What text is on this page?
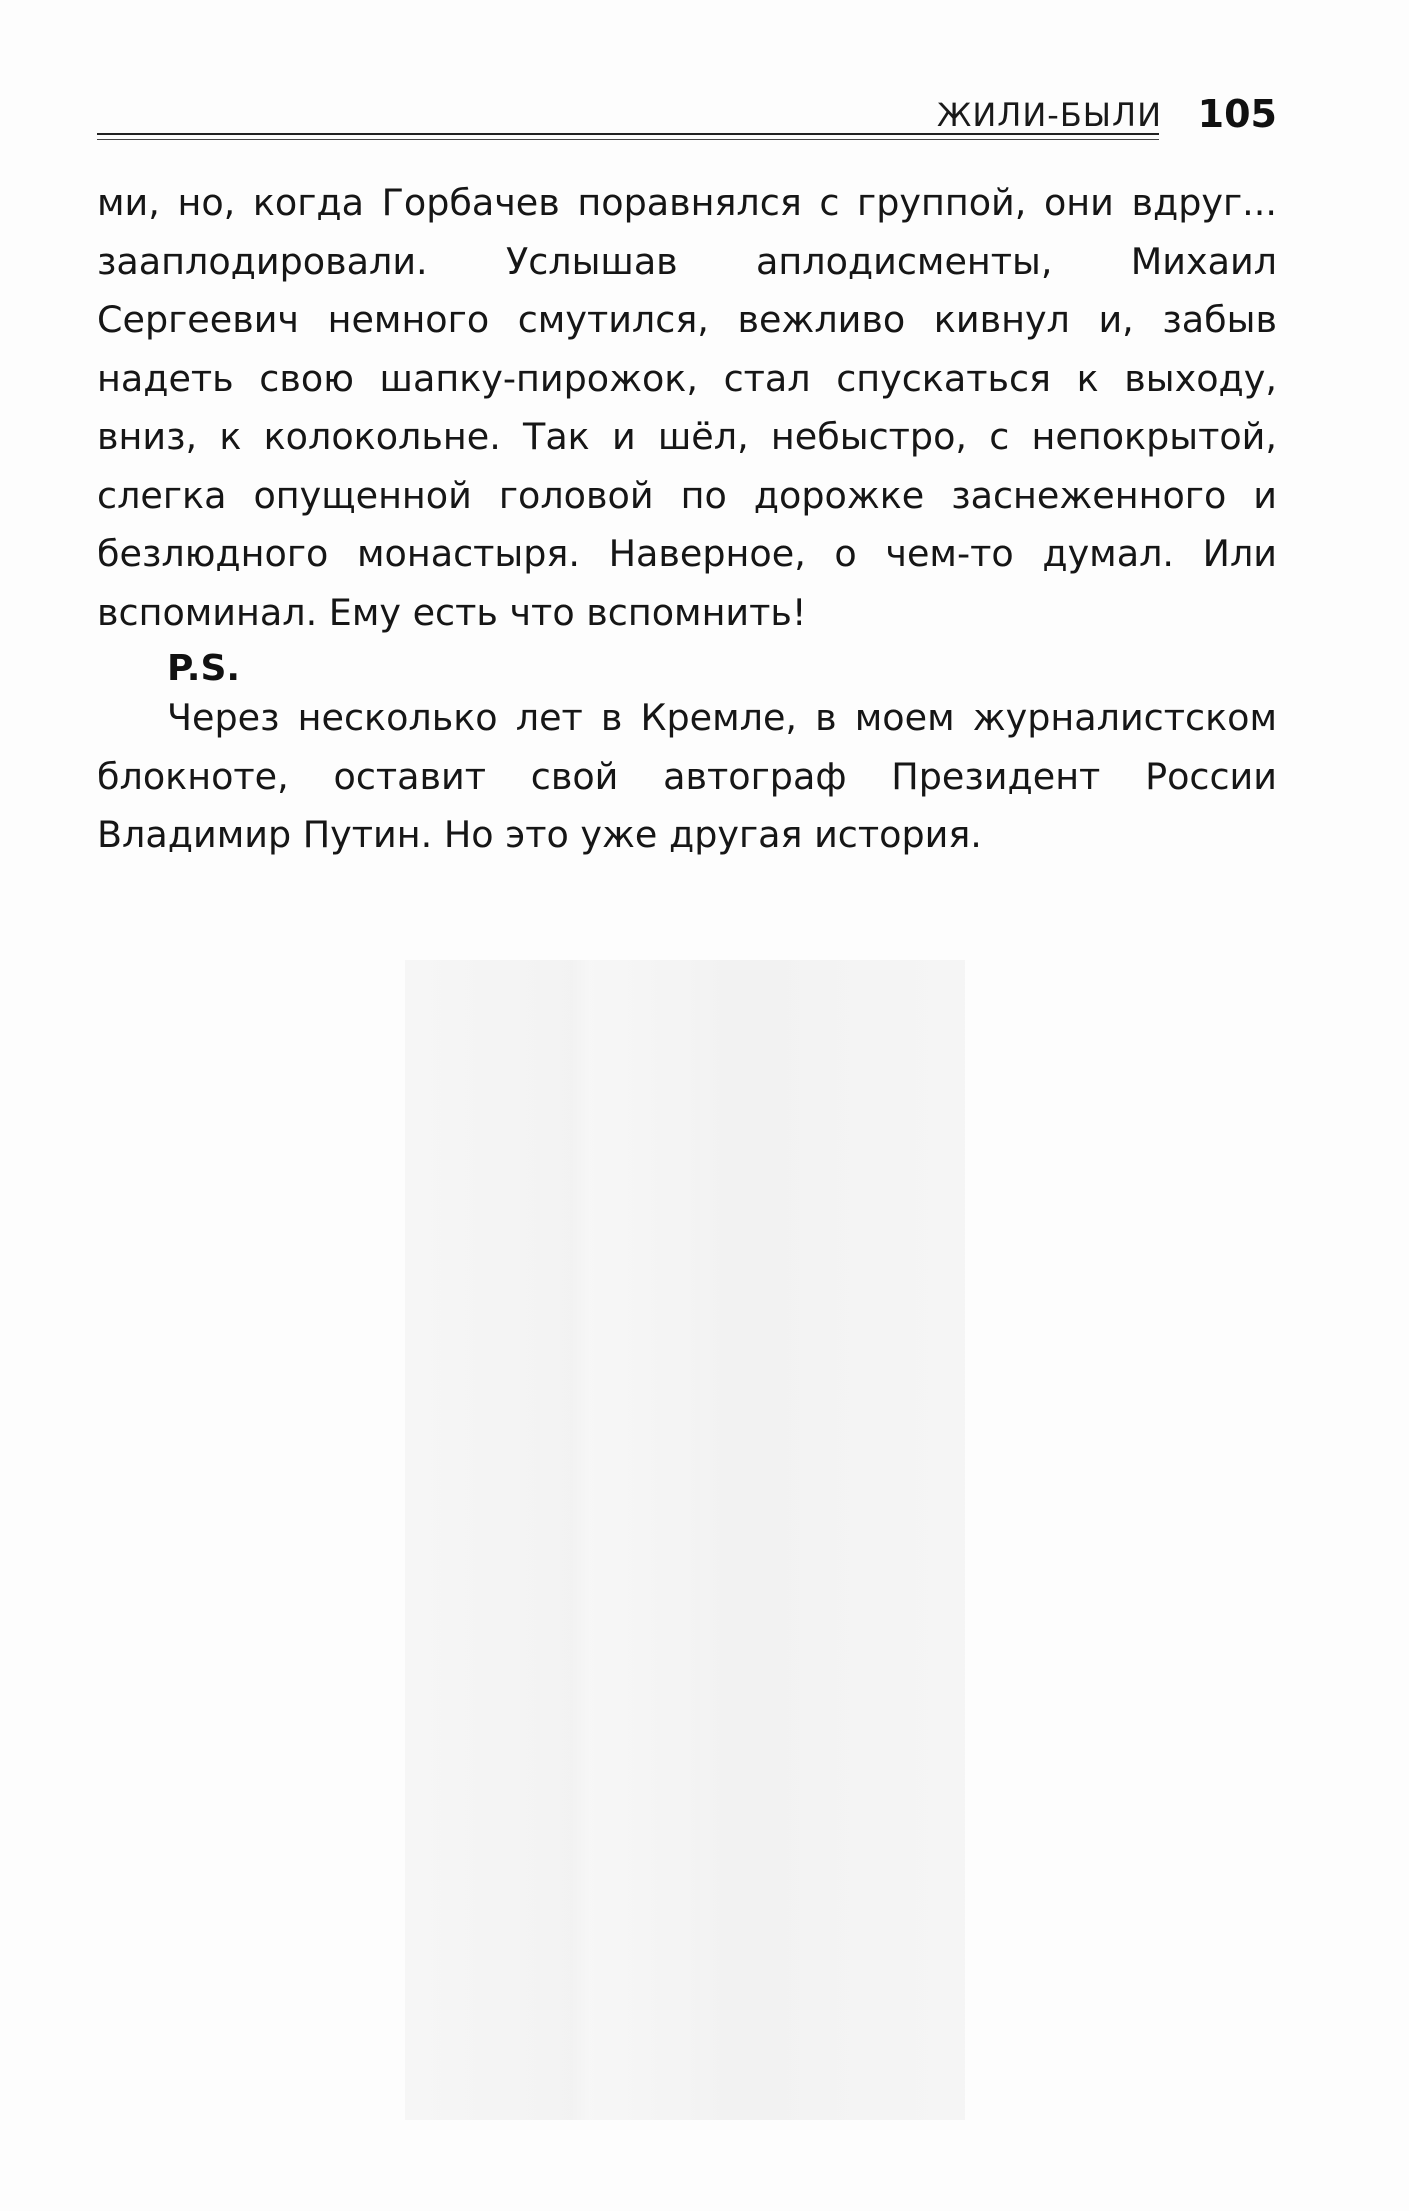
ЖИЛИ-БЫЛИ 105

ми, но, когда Горбачев поравнялся с группой, они вдруг... зааплодировали. Услышав аплодисменты, Михаил Сергеевич немного смутился, вежливо кивнул и, забыв надеть свою шапку-пирожок, стал спускаться к выходу, вниз, к колокольне. Так и шёл, небыстро, с непокрытой, слегка опущенной головой по дорожке заснеженного и безлюдного монастыря. Наверное, о чем-то думал. Или вспоминал. Ему есть что вспомнить!

P.S.

Через несколько лет в Кремле, в моем журналистском блокноте, оставит свой автограф Президент России Владимир Путин. Но это уже другая история.
